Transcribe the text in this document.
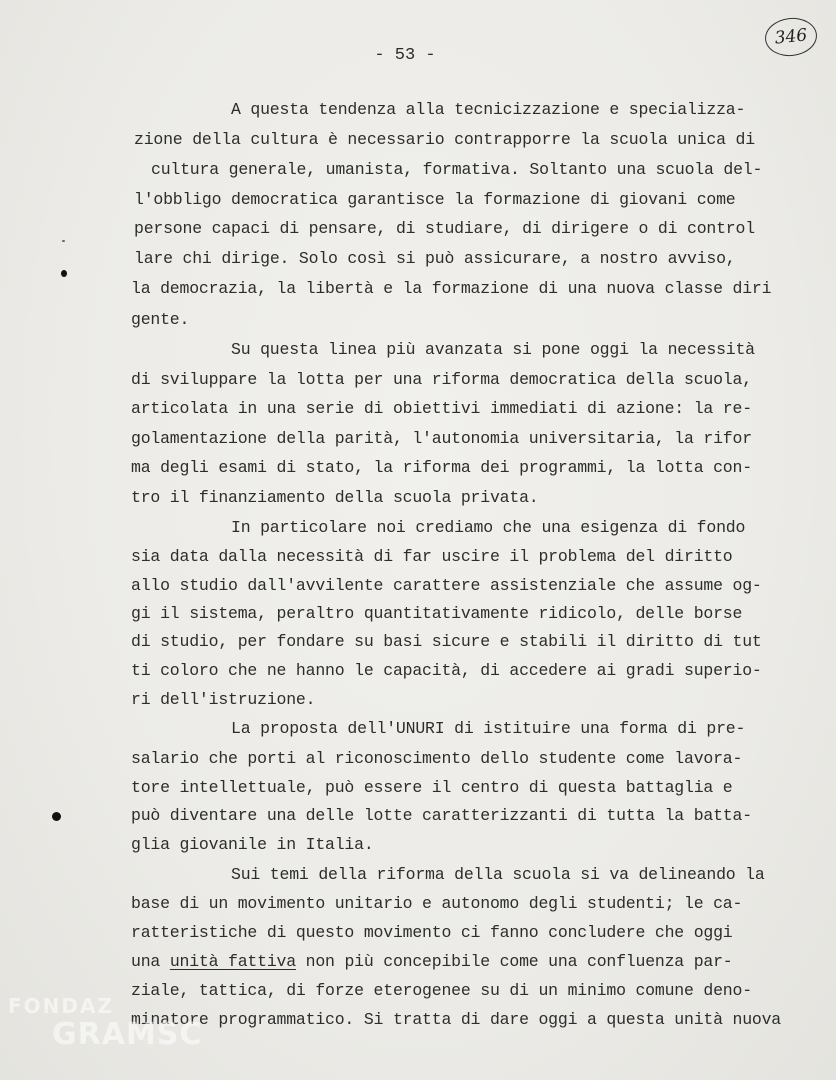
346
- 53 -
A questa tendenza alla tecnicizzazione e specializza-
zione della cultura è necessario contrapporre la scuola unica di
cultura generale, umanista, formativa. Soltanto una scuola del-
l'obbligo democratica garantisce la formazione di giovani come
persone capaci di pensare, di studiare, di dirigere o di control
lare chi dirige. Solo così si può assicurare, a nostro avviso,
la democrazia, la libertà e la formazione di una nuova classe diri
gente.
Su questa linea più avanzata si pone oggi la necessità
di sviluppare la lotta per una riforma democratica della scuola,
articolata in una serie di obiettivi immediati di azione: la re-
golamentazione della parità, l'autonomia universitaria, la rifor
ma degli esami di stato, la riforma dei programmi, la lotta con-
tro il finanziamento della scuola privata.
In particolare noi crediamo che una esigenza di fondo
sia data dalla necessità di far uscire il problema del diritto
allo studio dall'avvilente carattere assistenziale che assume og-
gi il sistema, peraltro quantitativamente ridicolo, delle borse
di studio, per fondare su basi sicure e stabili il diritto di tut
ti coloro che ne hanno le capacità, di accedere ai gradi superio-
ri dell'istruzione.
La proposta dell'UNURI di istituire una forma di pre-
salario che porti al riconoscimento dello studente come lavora-
tore intellettuale, può essere il centro di questa battaglia e
può diventare una delle lotte caratterizzanti di tutta la batta-
glia giovanile in Italia.
Sui temi della riforma della scuola si va delineando la
base di un movimento unitario e autonomo degli studenti; le ca-
ratteristiche di questo movimento ci fanno concludere che oggi
una unità fattiva non più concepibile come una confluenza par-
ziale, tattica, di forze eterogenee su di un minimo comune deno-
minatore programmatico. Si tratta di dare oggi a questa unità nuova
FONDAZ
GRAMSC
